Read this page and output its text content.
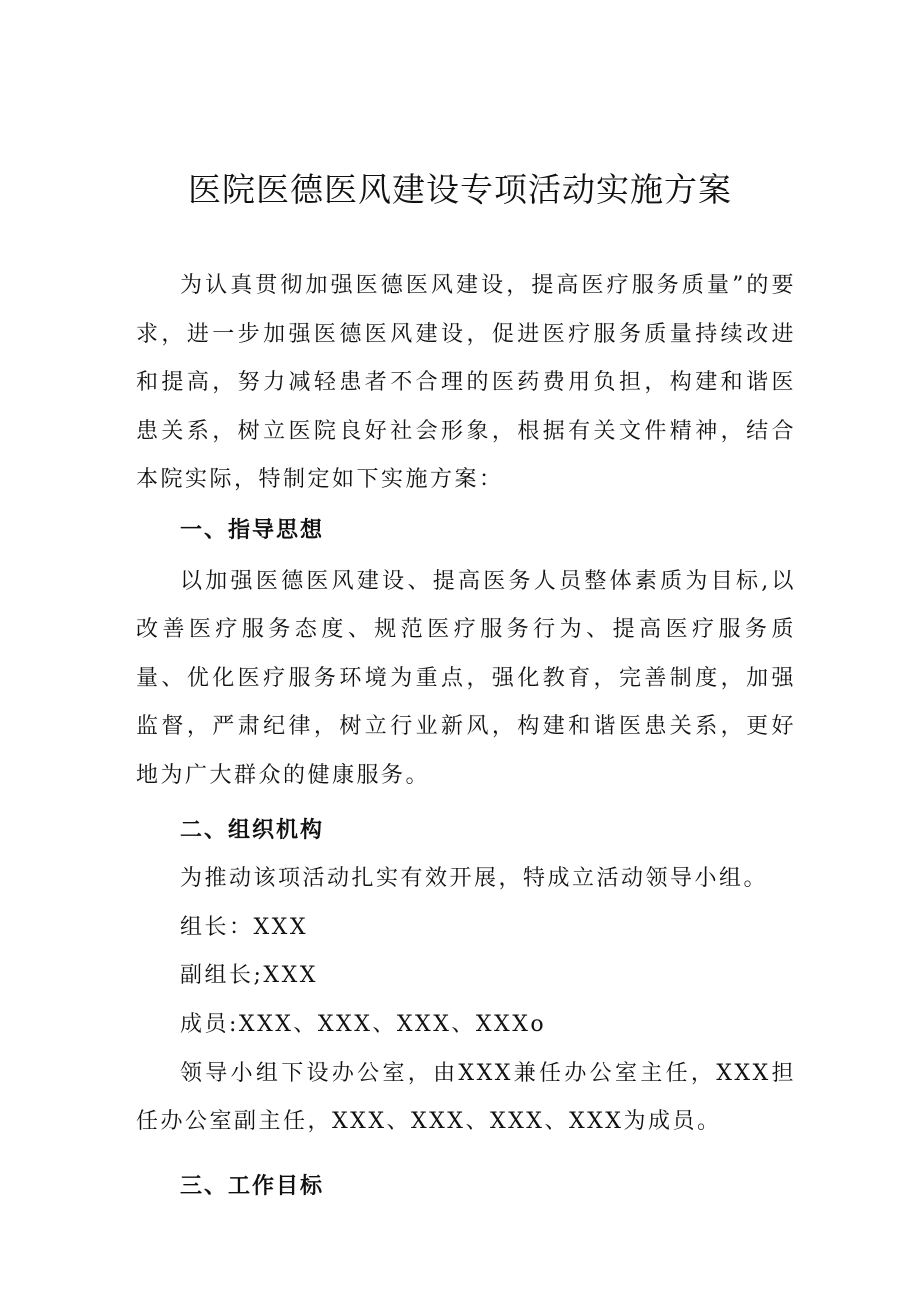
医院医德医风建设专项活动实施方案

为认真贯彻加强医德医风建设，提高医疗服务质量”的要求，进一步加强医德医风建设，促进医疗服务质量持续改进和提高，努力减轻患者不合理的医药费用负担，构建和谐医患关系，树立医院良好社会形象，根据有关文件精神，结合本院实际，特制定如下实施方案：

一、指导思想

以加强医德医风建设、提高医务人员整体素质为目标,以改善医疗服务态度、规范医疗服务行为、提高医疗服务质量、优化医疗服务环境为重点，强化教育，完善制度，加强监督，严肃纪律，树立行业新风，构建和谐医患关系，更好地为广大群众的健康服务。

二、组织机构

为推动该项活动扎实有效开展，特成立活动领导小组。

组长：XXX

副组长;XXX

成员:XXX、XXX、XXX、XXXo

领导小组下设办公室，由XXX兼任办公室主任，XXX担任办公室副主任，XXX、XXX、XXX、XXX为成员。

三、工作目标
